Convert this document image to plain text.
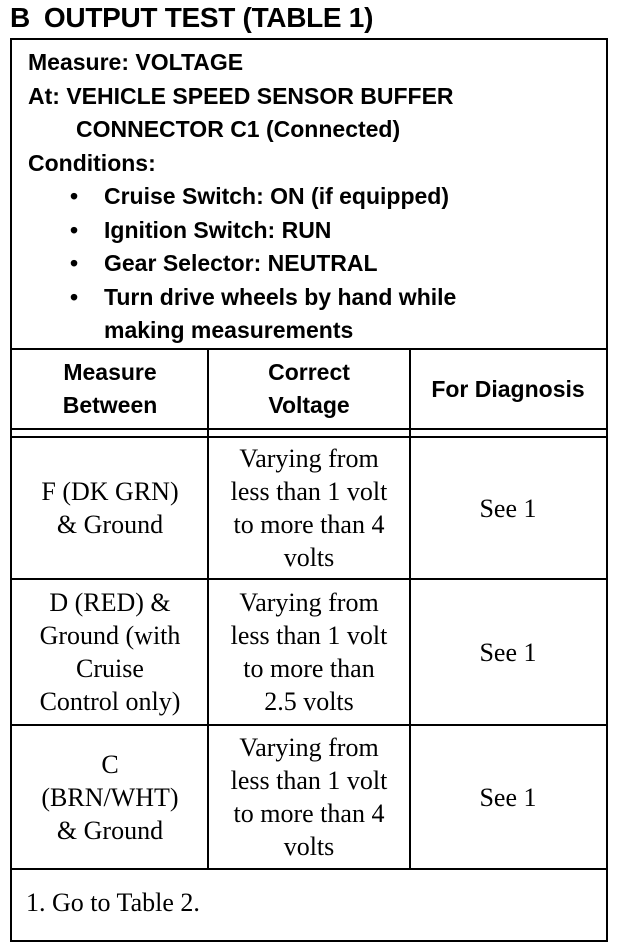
B OUTPUT TEST (TABLE 1)
Measure: VOLTAGE
At: VEHICLE SPEED SENSOR BUFFER
CONNECTOR C1 (Connected)
Conditions:
• Cruise Switch: ON (if equipped)
• Ignition Switch: RUN
• Gear Selector: NEUTRAL
• Turn drive wheels by hand while
making measurements
Measure
Between
Correct
Voltage
For Diagnosis
F (DK GRN)
& Ground
Varying from
less than 1 volt
to more than 4
volts
See 1
D (RED) &
Ground (with
Cruise
Control only)
Varying from
less than 1 volt
to more than
2.5 volts
See 1
C
(BRN/WHT)
& Ground
Varying from
less than 1 volt
to more than 4
volts
See 1
1. Go to Table 2.
